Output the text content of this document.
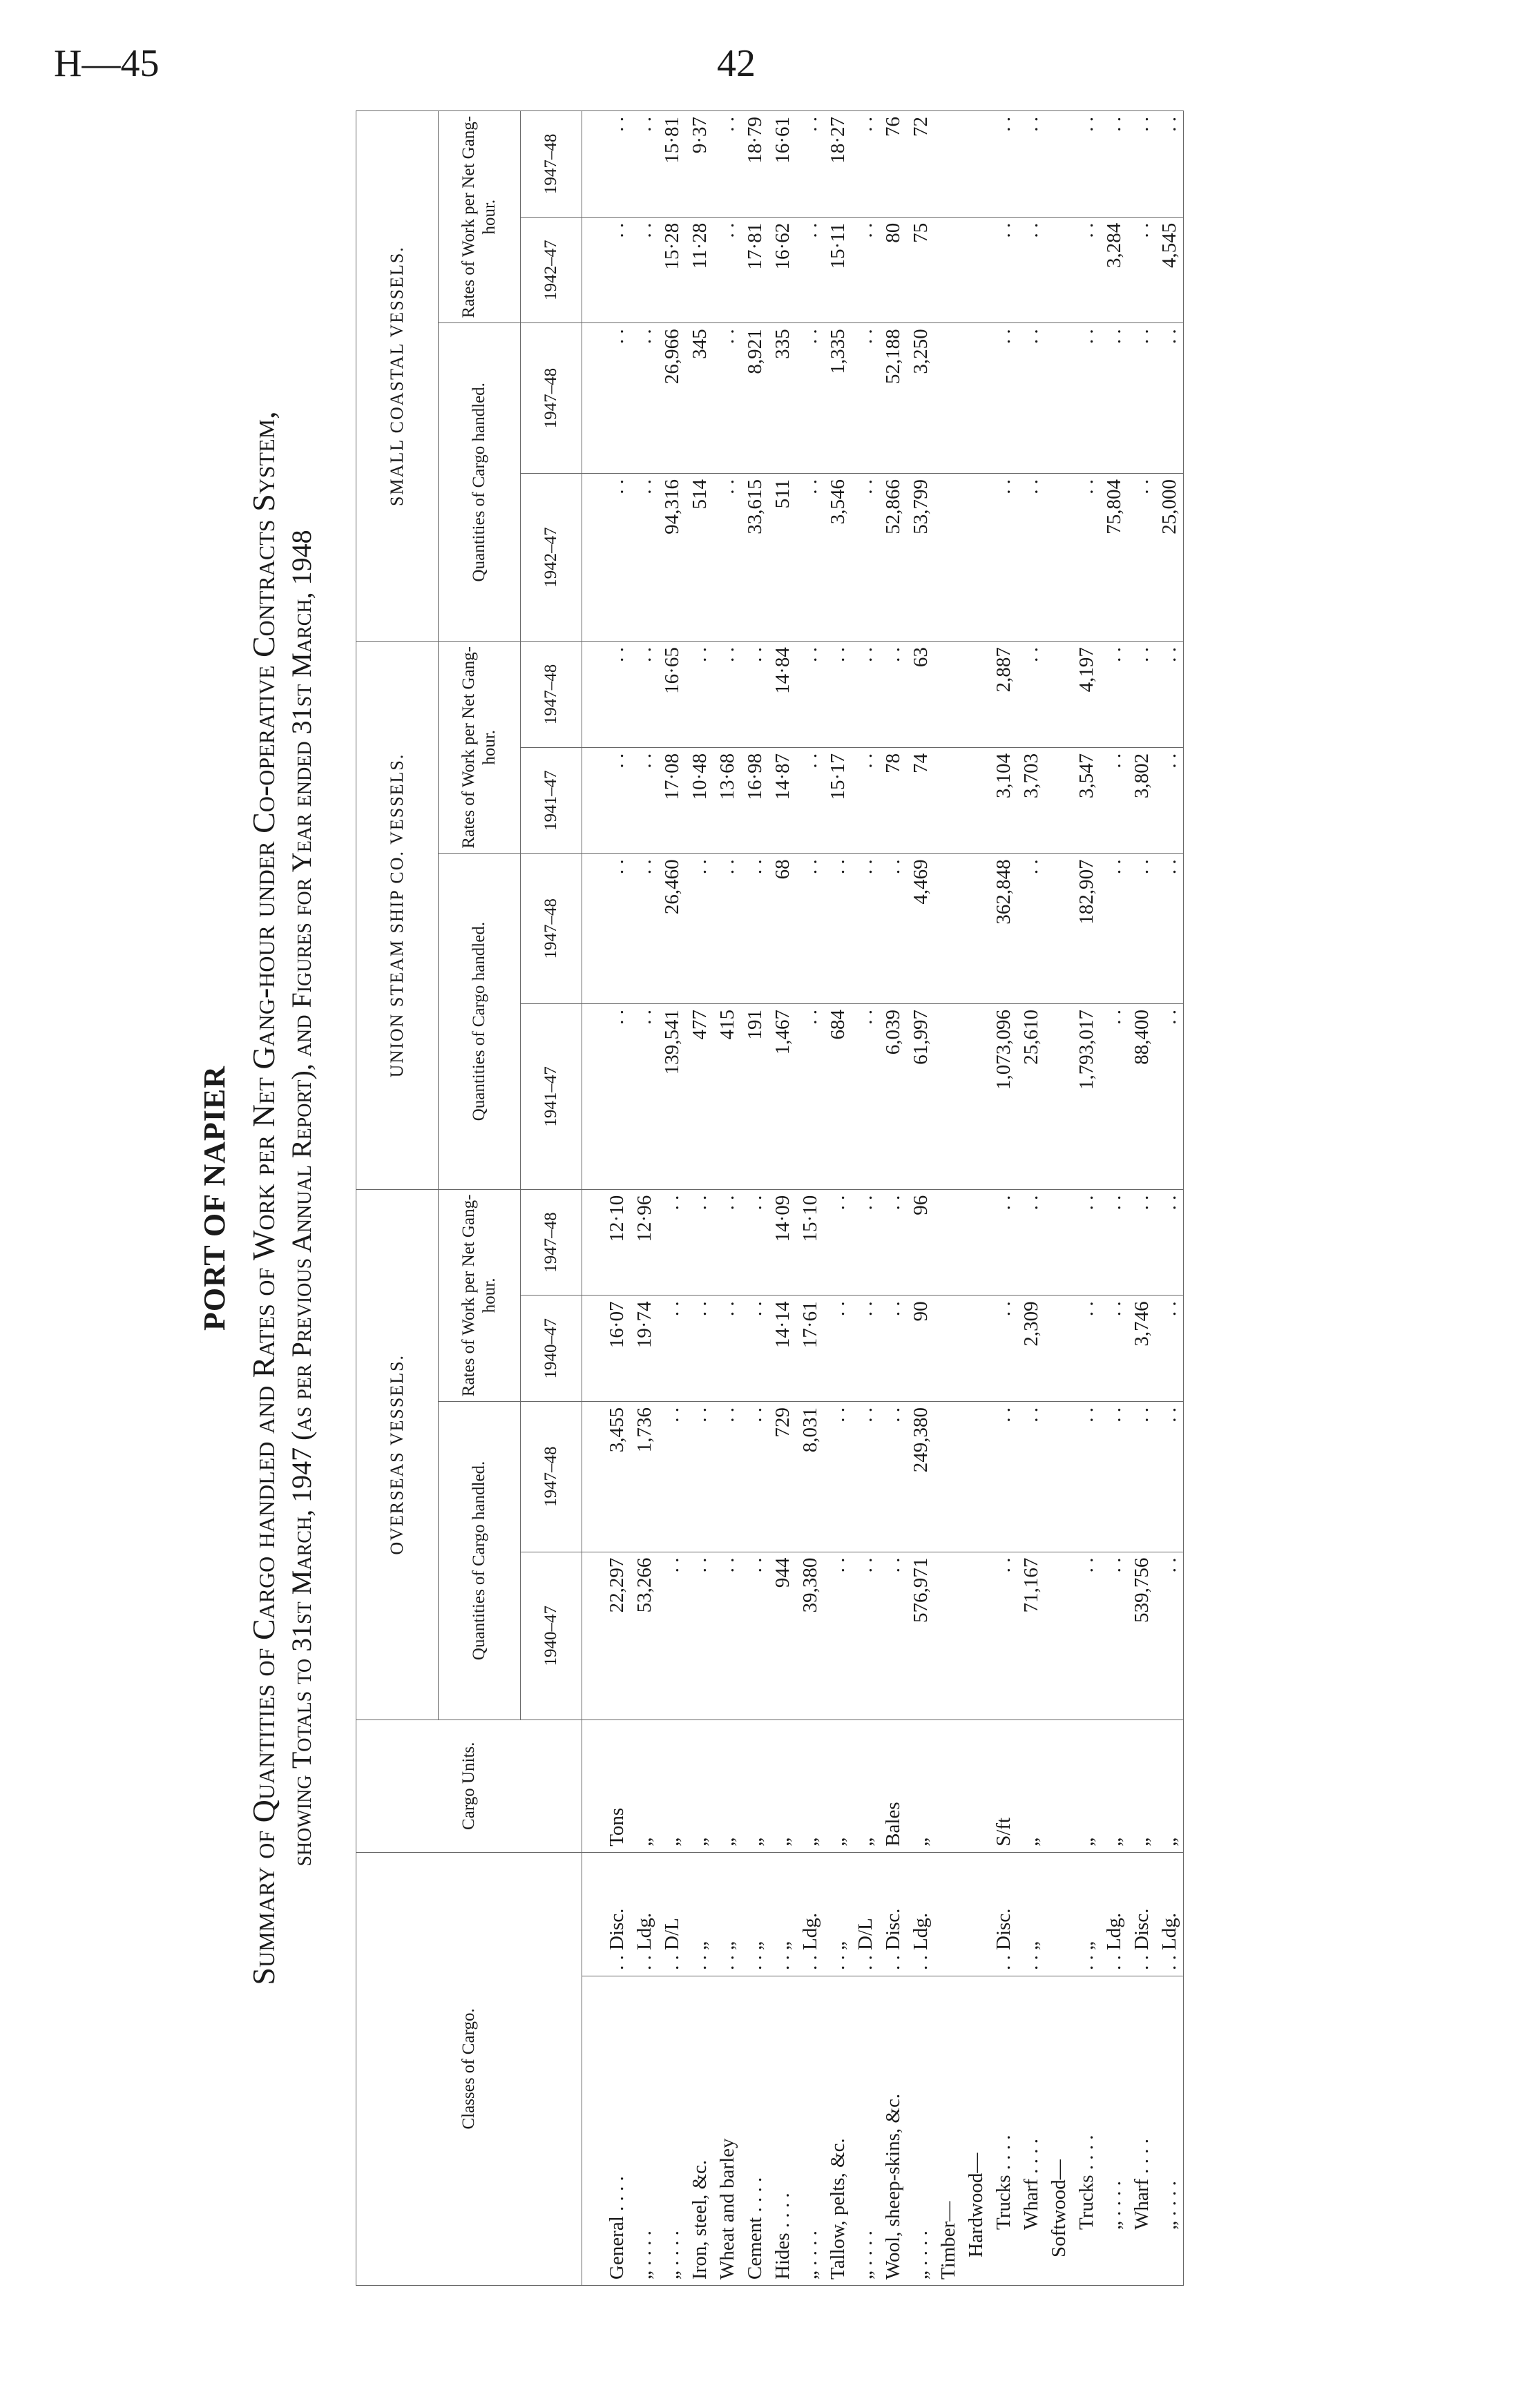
H—45	42
PORT OF NAPIER Summary of Quantities of Cargo handled and Rates of Work per Net Gang-hour under Co-operative Contracts System, showing Totals to 31st March, 1947 (as per Previous Annual Report), and Figures for Year ended 31st March, 1948
Classes of Cargo.		Cargo Units.	OVERSEAS VESSELS.				UNION STEAM SHIP CO. VESSELS.				SMALL COASTAL VESSELS.			
			Quantities of Cargo handled.		Rates of Work per Net Gang-hour.		Quantities of Cargo handled.		Rates of Work per Net Gang-hour.		Quantities of Cargo handled.		Rates of Work per Net Gang-hour.	
			1940–47	1947–48	1940–47	1947–48	1941–47	1947–48	1941–47	1947–48	1942–47	1947–48	1942–47	1947–48
General . . . .	. . Disc.	Tons	22,297	3,455	16·07	12·10	. .	. .	. .	. .	. .	. .	. .	. .
„ . . . .	. . Ldg.	„	53,266	1,736	19·74	12·96	. .	. .	. .	. .	. .	. .	. .	. .
„ . . . .	. . D/L	„	. .	. .	. .	. .	139,541	26,460	17·08	16·65	94,316	26,966	15·28	15·81
Iron, steel, &c.	. . „	„	. .	. .	. .	. .	477	. .	10·48	. .	514	345	11·28	9·37
Wheat and barley	. . „	„	. .	. .	. .	. .	415	. .	13·68	. .	. .	. .	. .	. .
Cement . . . .	. . „	„	. .	. .	. .	. .	191	. .	16·98	. .	33,615	8,921	17·81	18·79
Hides . . . .	. . „	„	944	729	14·14	14·09	1,467	68	14·87	14·84	511	335	16·62	16·61
„ . . . .	. . Ldg.	„	39,380	8,031	17·61	15·10	. .	. .	. .	. .	. .	. .	. .	. .
Tallow, pelts, &c.	. . „	„	. .	. .	. .	. .	684	. .	15·17	. .	3,546	1,335	15·11	18·27
„ . . . .	. . D/L	„	. .	. .	. .	. .	. .	. .	. .	. .	. .	. .	. .	. .
Wool, sheep-skins, &c.	. . Disc.	Bales	. .	. .	. .	. .	6,039	. .	78	. .	52,866	52,188	80	76
„ . . . .	. . Ldg.	„	576,971	249,380	90	96	61,997	4,469	74	63	53,799	3,250	75	72
Timber—														
Hardwood—														
Trucks . . . .	. . Disc.	S/ft	. .	. .	. .	. .	1,073,096	362,848	3,104	2,887	. .	. .	. .	. .
Wharf . . . .	. . „	„	71,167	. .	2,309	. .	25,610	. .	3,703	. .	. .	. .	. .	. .
Softwood—														
Trucks . . . .	. . „	„	. .	. .	. .	. .	1,793,017	182,907	3,547	4,197	. .	. .	. .	. .
„ . . . .	. . Ldg.	„	. .	. .	. .	. .	. .	. .	. .	. .	75,804	. .	3,284	. .
Wharf . . . .	. . Disc.	„	539,756	. .	3,746	. .	88,400	. .	3,802	. .	. .	. .	. .	. .
„ . . . .	. . Ldg.	„	. .	. .	. .	. .	. .	. .	. .	. .	25,000	. .	4,545	. .
